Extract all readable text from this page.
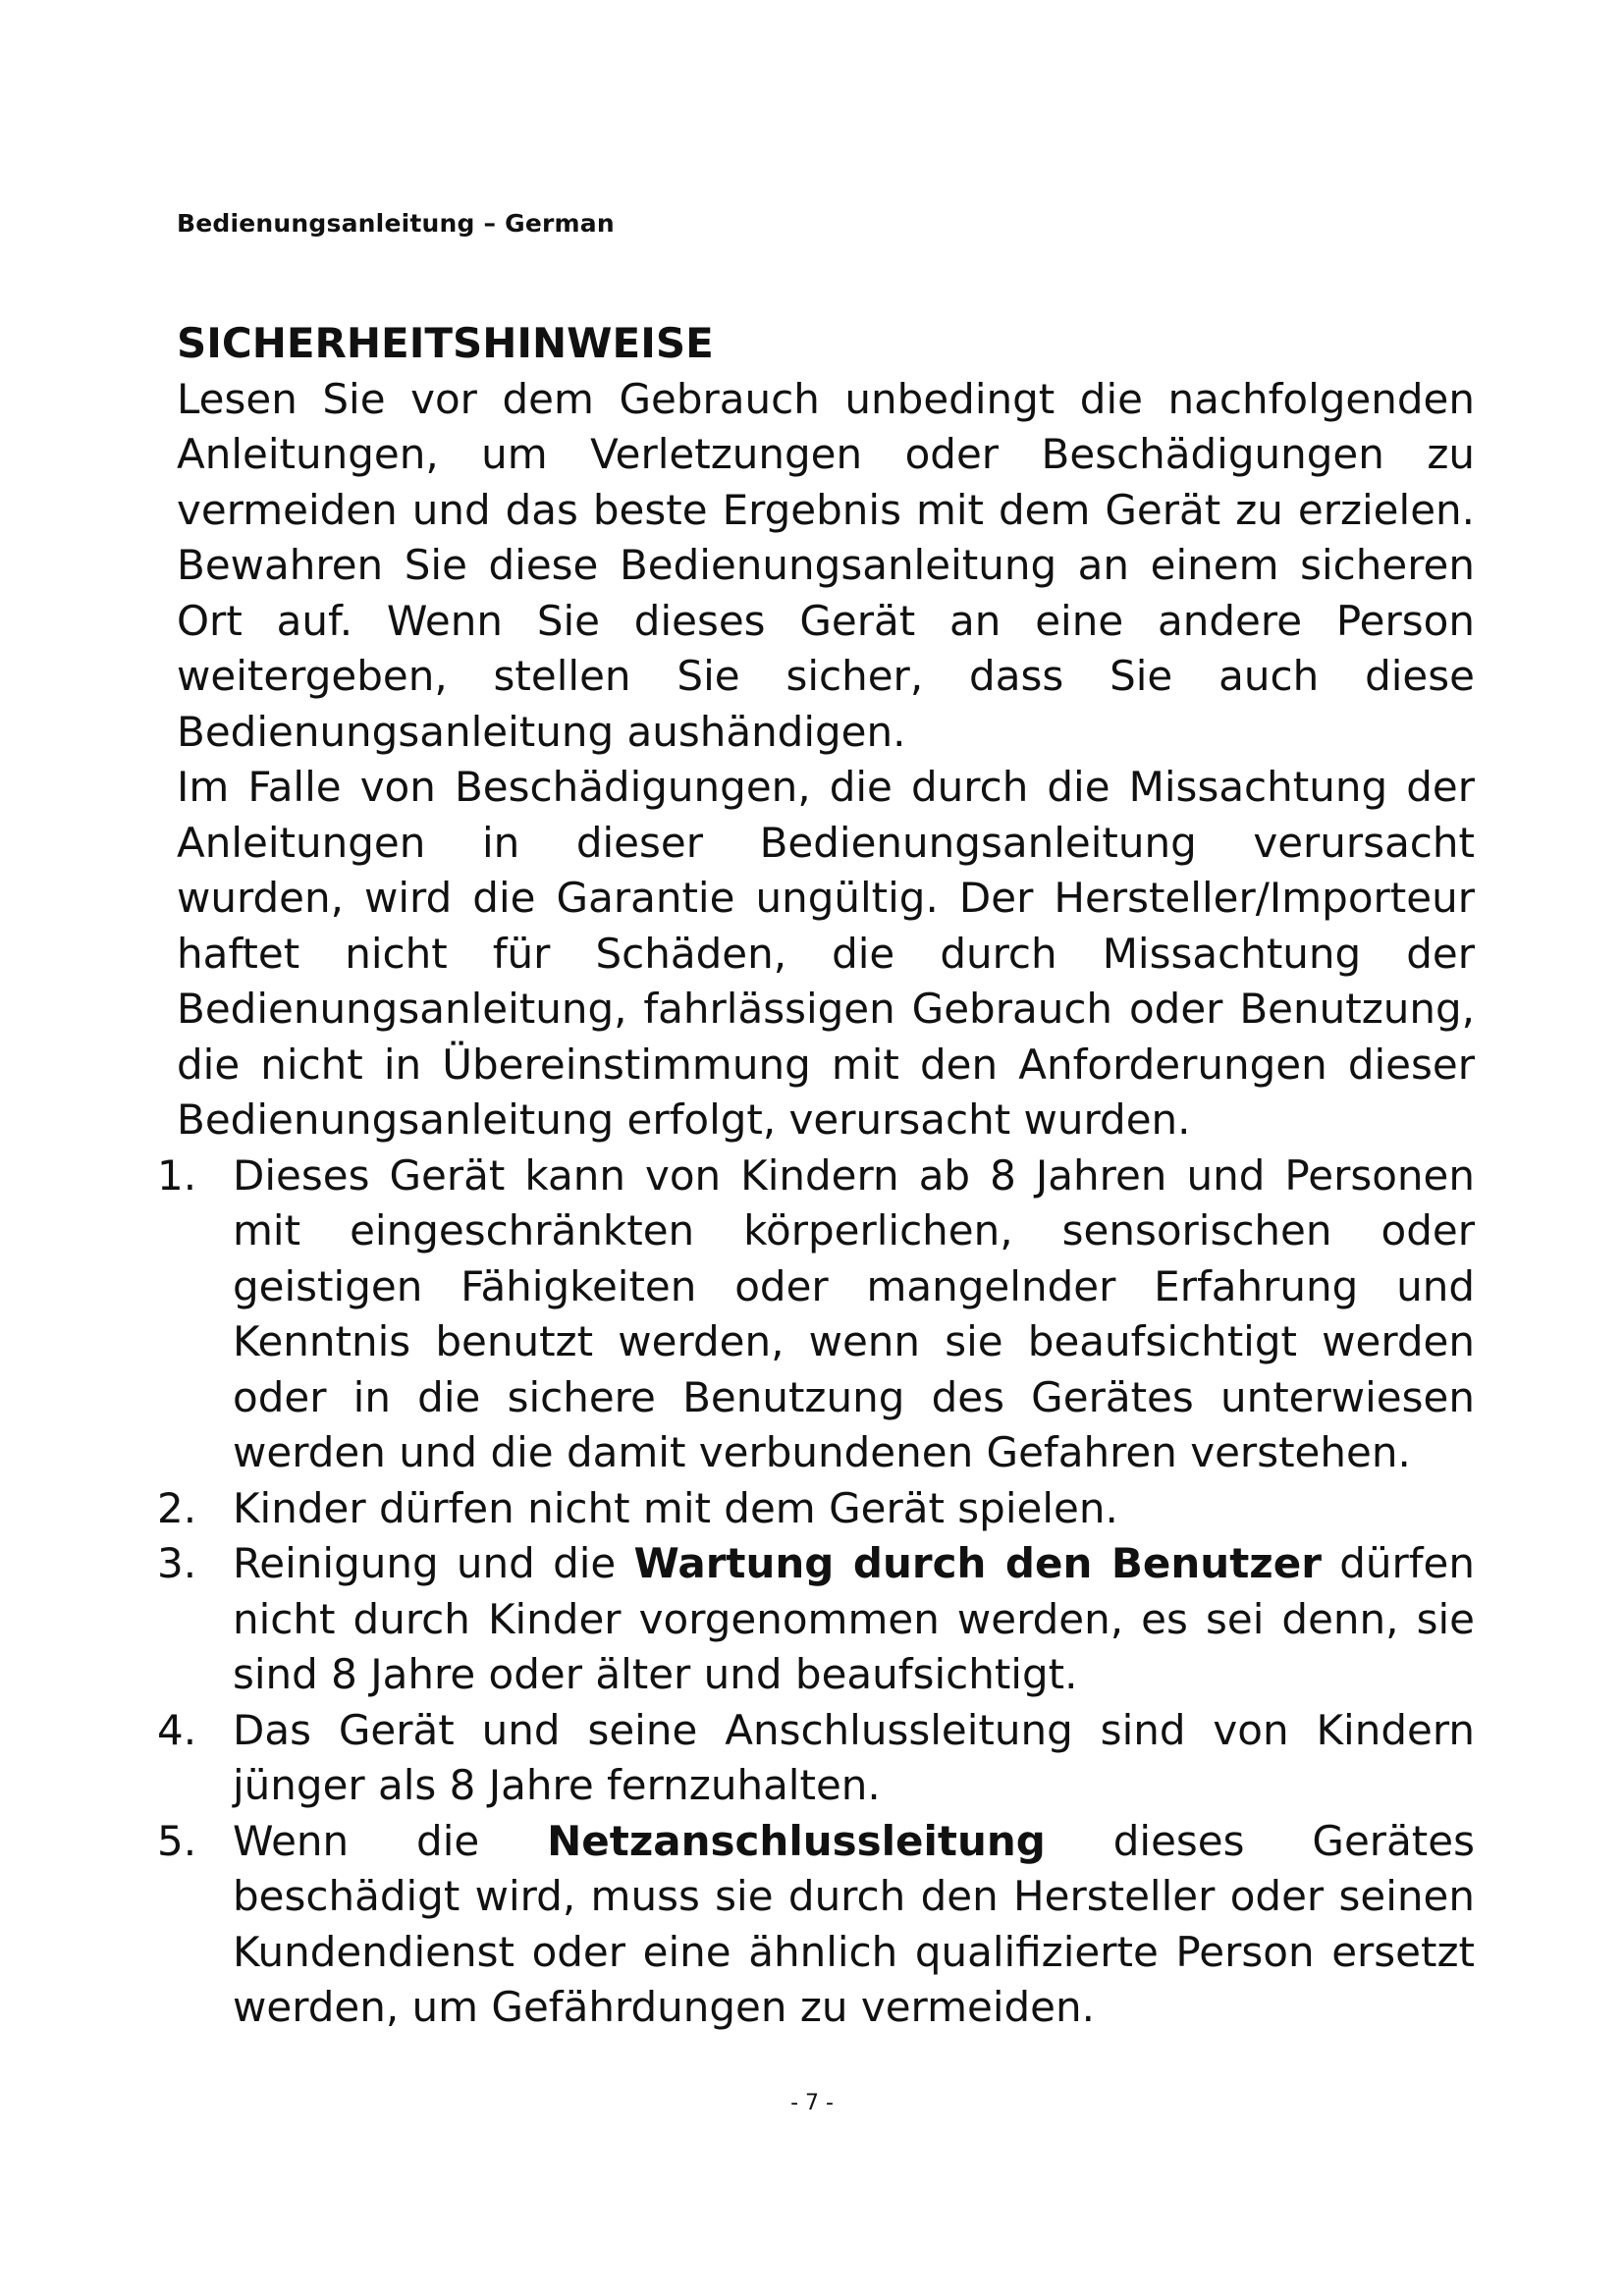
Bedienungsanleitung – German
SICHERHEITSHINWEISE

Lesen Sie vor dem Gebrauch unbedingt die nachfolgenden Anleitungen, um Verletzungen oder Beschädigungen zu vermeiden und das beste Ergebnis mit dem Gerät zu erzielen. Bewahren Sie diese Bedienungsanleitung an einem sicheren Ort auf. Wenn Sie dieses Gerät an eine andere Person weitergeben, stellen Sie sicher, dass Sie auch diese Bedienungsanleitung aushändigen.

Im Falle von Beschädigungen, die durch die Missachtung der Anleitungen in dieser Bedienungsanleitung verursacht wurden, wird die Garantie ungültig. Der Hersteller/Importeur haftet nicht für Schäden, die durch Missachtung der Bedienungsanleitung, fahrlässigen Gebrauch oder Benutzung, die nicht in Übereinstimmung mit den Anforderungen dieser Bedienungsanleitung erfolgt, verursacht wurden.

1. Dieses Gerät kann von Kindern ab 8 Jahren und Personen mit eingeschränkten körperlichen, sensorischen oder geistigen Fähigkeiten oder mangelnder Erfahrung und Kenntnis benutzt werden, wenn sie beaufsichtigt werden oder in die sichere Benutzung des Gerätes unterwiesen werden und die damit verbundenen Gefahren verstehen.
2. Kinder dürfen nicht mit dem Gerät spielen.
3. Reinigung und die Wartung durch den Benutzer dürfen nicht durch Kinder vorgenommen werden, es sei denn, sie sind 8 Jahre oder älter und beaufsichtigt.
4. Das Gerät und seine Anschlussleitung sind von Kindern jünger als 8 Jahre fernzuhalten.
5. Wenn die Netzanschlussleitung dieses Gerätes beschädigt wird, muss sie durch den Hersteller oder seinen Kundendienst oder eine ähnlich qualifizierte Person ersetzt werden, um Gefährdungen zu vermeiden.
- 7 -
